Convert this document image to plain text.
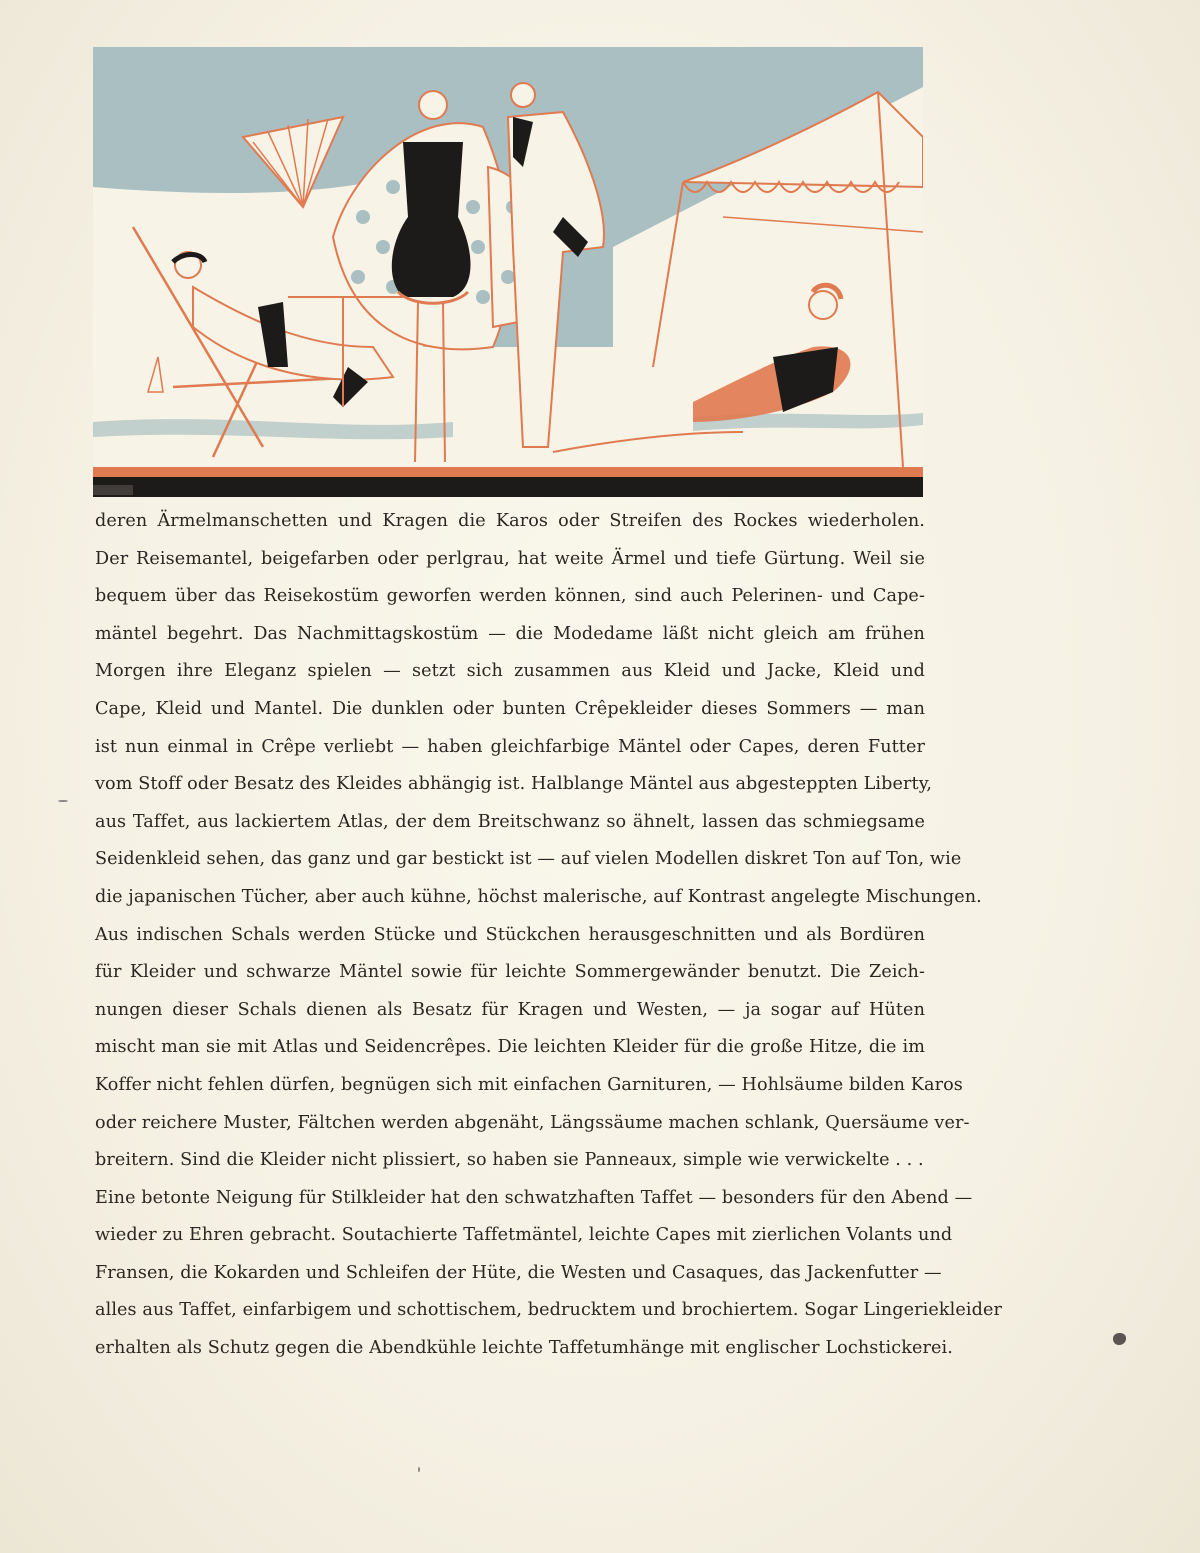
deren Ärmelmanschetten und Kragen die Karos oder Streifen des Rockes wiederholen.
Der Reisemantel, beigefarben oder perlgrau, hat weite Ärmel und tiefe Gürtung. Weil sie
bequem über das Reisekostüm geworfen werden können, sind auch Pelerinen- und Cape-
mäntel begehrt. Das Nachmittagskostüm — die Modedame läßt nicht gleich am frühen
Morgen ihre Eleganz spielen — setzt sich zusammen aus Kleid und Jacke, Kleid und
Cape, Kleid und Mantel. Die dunklen oder bunten Crêpekleider dieses Sommers — man
ist nun einmal in Crêpe verliebt — haben gleichfarbige Mäntel oder Capes, deren Futter
vom Stoff oder Besatz des Kleides abhängig ist. Halblange Mäntel aus abgesteppten Liberty,
aus Taffet, aus lackiertem Atlas, der dem Breitschwanz so ähnelt, lassen das schmiegsame
Seidenkleid sehen, das ganz und gar bestickt ist — auf vielen Modellen diskret Ton auf Ton, wie
die japanischen Tücher, aber auch kühne, höchst malerische, auf Kontrast angelegte Mischungen.
Aus indischen Schals werden Stücke und Stückchen herausgeschnitten und als Bordüren
für Kleider und schwarze Mäntel sowie für leichte Sommergewänder benutzt. Die Zeich-
nungen dieser Schals dienen als Besatz für Kragen und Westen, — ja sogar auf Hüten
mischt man sie mit Atlas und Seidencrêpes. Die leichten Kleider für die große Hitze, die im
Koffer nicht fehlen dürfen, begnügen sich mit einfachen Garnituren, — Hohlsäume bilden Karos
oder reichere Muster, Fältchen werden abgenäht, Längssäume machen schlank, Quersäume ver-
breitern. Sind die Kleider nicht plissiert, so haben sie Panneaux, simple wie verwickelte . . .
Eine betonte Neigung für Stilkleider hat den schwatzhaften Taffet — besonders für den Abend —
wieder zu Ehren gebracht. Soutachierte Taffetmäntel, leichte Capes mit zierlichen Volants und
Fransen, die Kokarden und Schleifen der Hüte, die Westen und Casaques, das Jackenfutter —
alles aus Taffet, einfarbigem und schottischem, bedrucktem und brochiertem. Sogar Lingeriekleider
erhalten als Schutz gegen die Abendkühle leichte Taffetumhänge mit englischer Lochstickerei.
